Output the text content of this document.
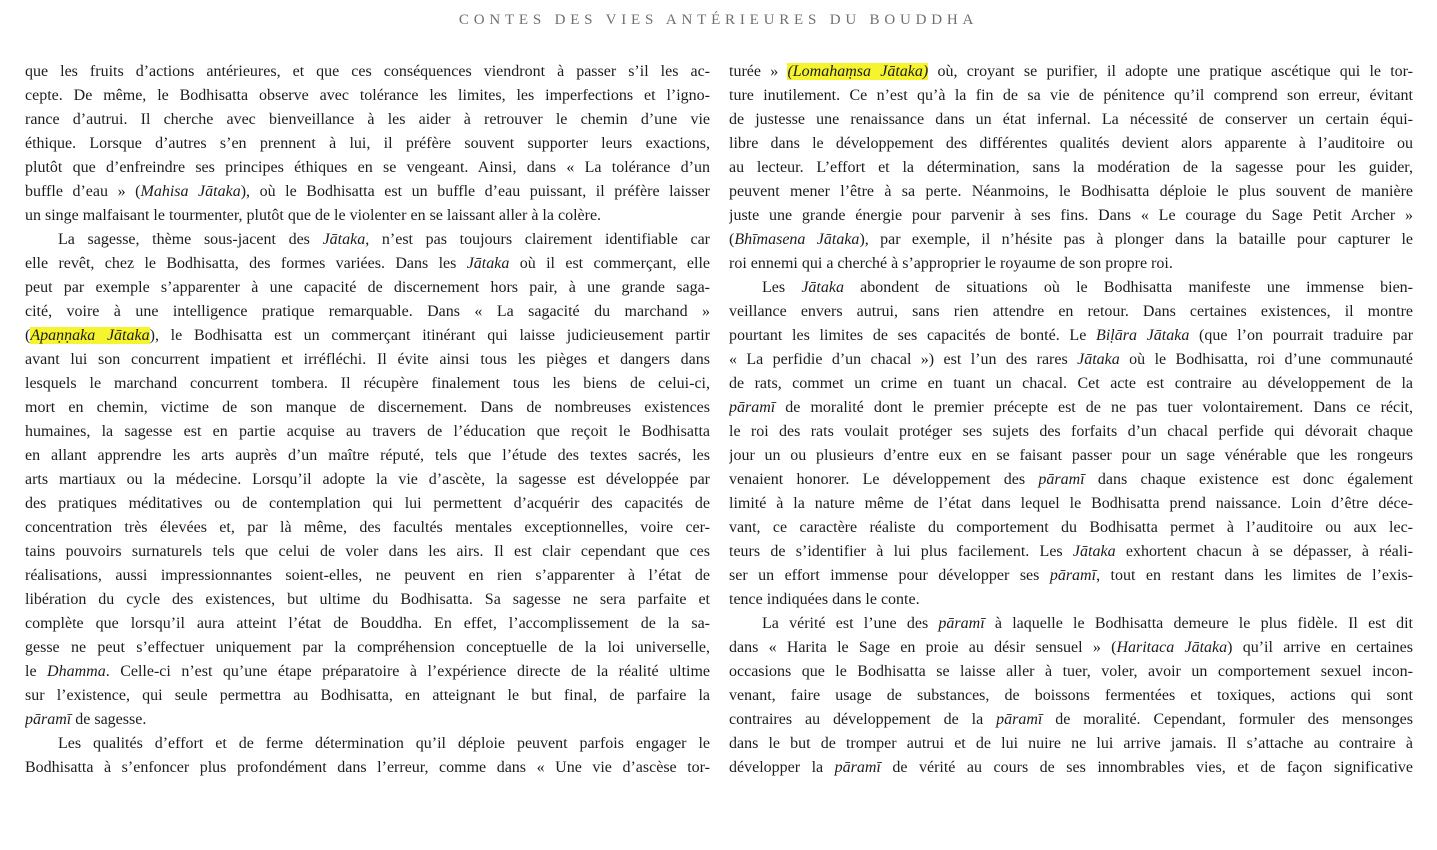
CONTES DES VIES ANTÉRIEURES DU BOUDDHA
que les fruits d’actions antérieures, et que ces conséquences viendront à passer s’il les ac-
cepte. De même, le Bodhisatta observe avec tolérance les limites, les imperfections et l’igno-
rance d’autrui. Il cherche avec bienveillance à les aider à retrouver le chemin d’une vie
éthique. Lorsque d’autres s’en prennent à lui, il préfère souvent supporter leurs exactions,
plutôt que d’enfreindre ses principes éthiques en se vengeant. Ainsi, dans « La tolérance d’un
buffle d’eau » (Mahisa Jātaka), où le Bodhisatta est un buffle d’eau puissant, il préfère laisser
un singe malfaisant le tourmenter, plutôt que de le violenter en se laissant aller à la colère.
La sagesse, thème sous-jacent des Jātaka, n’est pas toujours clairement identifiable car
elle revêt, chez le Bodhisatta, des formes variées. Dans les Jātaka où il est commerçant, elle
peut par exemple s’apparenter à une capacité de discernement hors pair, à une grande saga-
cité, voire à une intelligence pratique remarquable. Dans « La sagacité du marchand »
(Apaṇṇaka Jātaka), le Bodhisatta est un commerçant itinérant qui laisse judicieusement partir
avant lui son concurrent impatient et irréfléchi. Il évite ainsi tous les pièges et dangers dans
lesquels le marchand concurrent tombera. Il récupère finalement tous les biens de celui-ci,
mort en chemin, victime de son manque de discernement. Dans de nombreuses existences
humaines, la sagesse est en partie acquise au travers de l’éducation que reçoit le Bodhisatta
en allant apprendre les arts auprès d’un maître réputé, tels que l’étude des textes sacrés, les
arts martiaux ou la médecine. Lorsqu’il adopte la vie d’ascète, la sagesse est développée par
des pratiques méditatives ou de contemplation qui lui permettent d’acquérir des capacités de
concentration très élevées et, par là même, des facultés mentales exceptionnelles, voire cer-
tains pouvoirs surnaturels tels que celui de voler dans les airs. Il est clair cependant que ces
réalisations, aussi impressionnantes soient-elles, ne peuvent en rien s’apparenter à l’état de
libération du cycle des existences, but ultime du Bodhisatta. Sa sagesse ne sera parfaite et
complète que lorsqu’il aura atteint l’état de Bouddha. En effet, l’accomplissement de la sa-
gesse ne peut s’effectuer uniquement par la compréhension conceptuelle de la loi universelle,
le Dhamma. Celle-ci n’est qu’une étape préparatoire à l’expérience directe de la réalité ultime
sur l’existence, qui seule permettra au Bodhisatta, en atteignant le but final, de parfaire la
pāramī de sagesse.
Les qualités d’effort et de ferme détermination qu’il déploie peuvent parfois engager le
Bodhisatta à s’enfoncer plus profondément dans l’erreur, comme dans « Une vie d’ascèse tor-
turée » (Lomahaṃsa Jātaka) où, croyant se purifier, il adopte une pratique ascétique qui le tor-
ture inutilement. Ce n’est qu’à la fin de sa vie de pénitence qu’il comprend son erreur, évitant
de justesse une renaissance dans un état infernal. La nécessité de conserver un certain équi-
libre dans le développement des différentes qualités devient alors apparente à l’auditoire ou
au lecteur. L’effort et la détermination, sans la modération de la sagesse pour les guider,
peuvent mener l’être à sa perte. Néanmoins, le Bodhisatta déploie le plus souvent de manière
juste une grande énergie pour parvenir à ses fins. Dans « Le courage du Sage Petit Archer »
(Bhīmasena Jātaka), par exemple, il n’hésite pas à plonger dans la bataille pour capturer le
roi ennemi qui a cherché à s’approprier le royaume de son propre roi.
Les Jātaka abondent de situations où le Bodhisatta manifeste une immense bien-
veillance envers autrui, sans rien attendre en retour. Dans certaines existences, il montre
pourtant les limites de ses capacités de bonté. Le Biḷāra Jātaka (que l’on pourrait traduire par
« La perfidie d’un chacal ») est l’un des rares Jātaka où le Bodhisatta, roi d’une communauté
de rats, commet un crime en tuant un chacal. Cet acte est contraire au développement de la
pāramī de moralité dont le premier précepte est de ne pas tuer volontairement. Dans ce récit,
le roi des rats voulait protéger ses sujets des forfaits d’un chacal perfide qui dévorait chaque
jour un ou plusieurs d’entre eux en se faisant passer pour un sage vénérable que les rongeurs
venaient honorer. Le développement des pāramī dans chaque existence est donc également
limité à la nature même de l’état dans lequel le Bodhisatta prend naissance. Loin d’être déce-
vant, ce caractère réaliste du comportement du Bodhisatta permet à l’auditoire ou aux lec-
teurs de s’identifier à lui plus facilement. Les Jātaka exhortent chacun à se dépasser, à réali-
ser un effort immense pour développer ses pāramī, tout en restant dans les limites de l’exis-
tence indiquées dans le conte.
La vérité est l’une des pāramī à laquelle le Bodhisatta demeure le plus fidèle. Il est dit
dans « Harita le Sage en proie au désir sensuel » (Haritaca Jātaka) qu’il arrive en certaines
occasions que le Bodhisatta se laisse aller à tuer, voler, avoir un comportement sexuel incon-
venant, faire usage de substances, de boissons fermentées et toxiques, actions qui sont
contraires au développement de la pāramī de moralité. Cependant, formuler des mensonges
dans le but de tromper autrui et de lui nuire ne lui arrive jamais. Il s’attache au contraire à
développer la pāramī de vérité au cours de ses innombrables vies, et de façon significative
